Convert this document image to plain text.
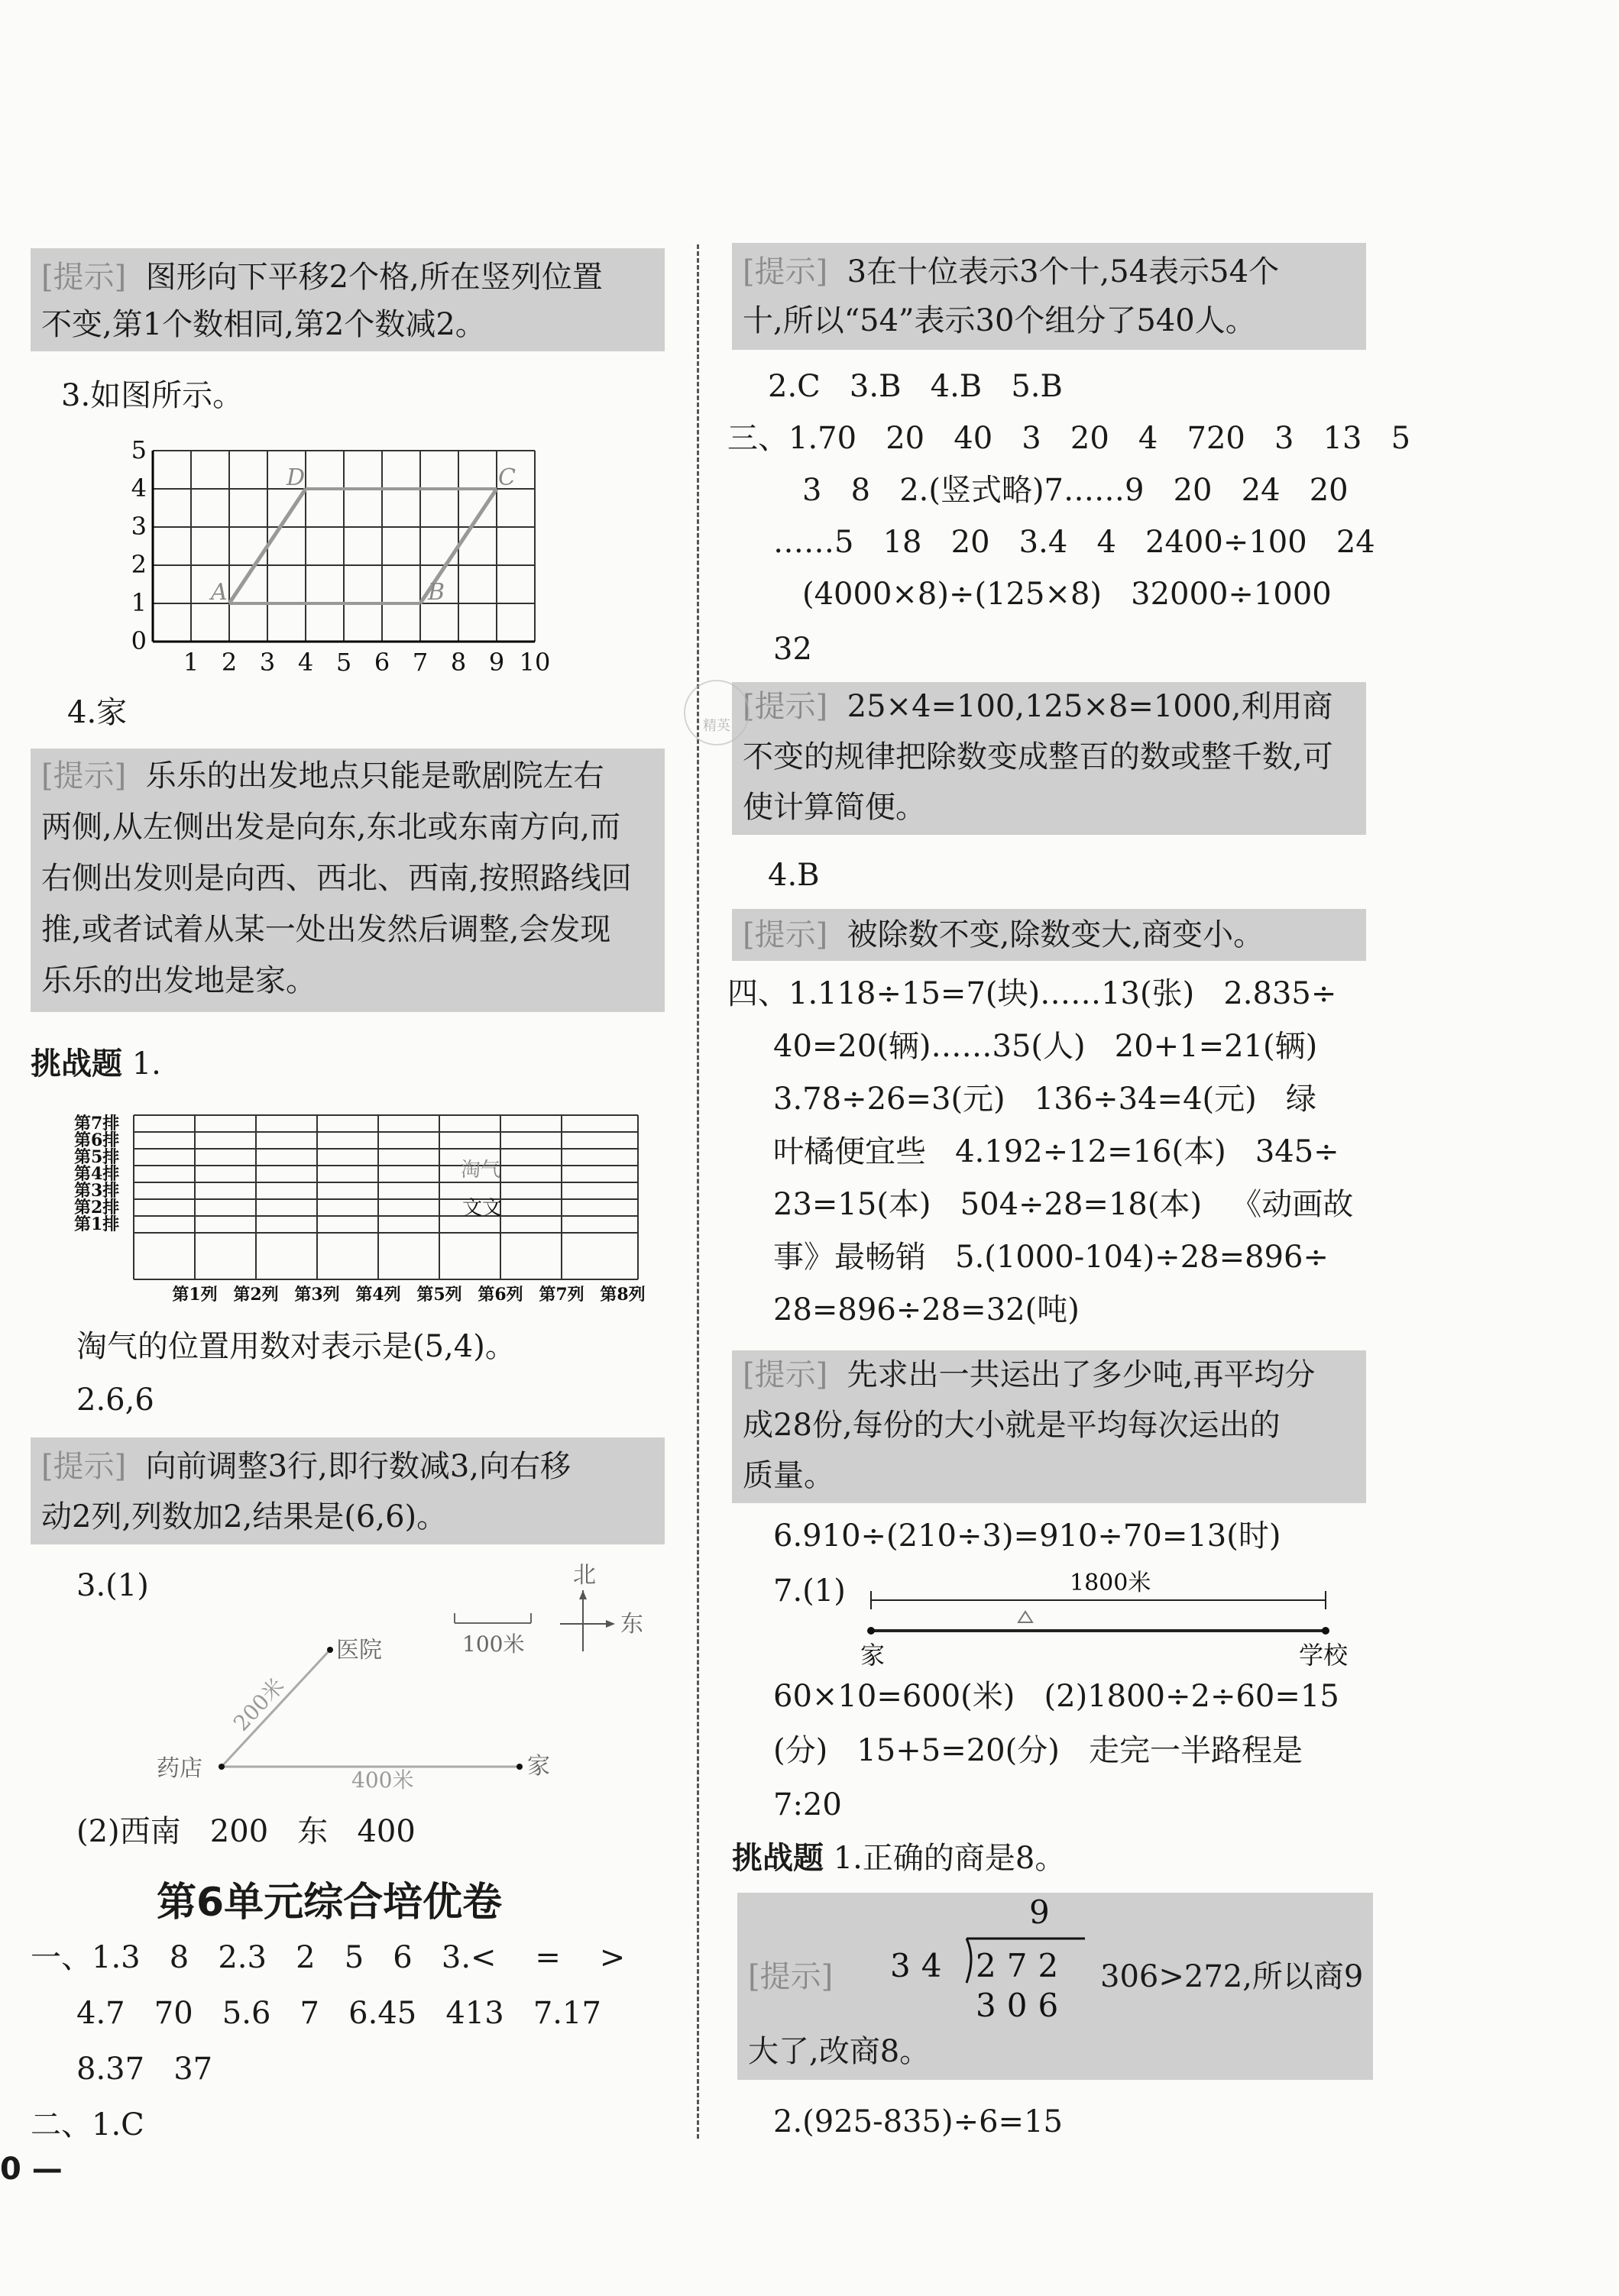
[提示] 图形向下平移2个格,所在竖列位置
不变,第1个数相同,第2个数减2。
3.如图所示。
0
1
2
3
4
5
1 2 3 4 5 6 7 8 9 10
A
D
B
C
4.家
[提示] 乐乐的出发地点只能是歌剧院左右
两侧,从左侧出发是向东,东北或东南方向,而
右侧出发则是向西、西北、西南,按照路线回
推,或者试着从某一处出发然后调整,会发现
乐乐的出发地是家。
挑战题 1.
第7排
第6排
第5排
第4排
第3排
第2排
第1排
第1列 第2列 第3列 第4列 第5列 第6列 第7列 第8列
淘气
文文
淘气的位置用数对表示是(5,4)。
2.6,6
[提示] 向前调整3行,即行数减3,向右移
动2列,列数加2,结果是(6,6)。
3.(1)
医院
药店	家
200米
400米
100米
北
东
(2)西南   200   东   400
第6单元综合培优卷
一、1.3   8   2.3   2   5   6   3.<    =    >
4.7   70   5.6   7   6.45   413   7.17
8.37   37
二、1.C
0 —
[提示] 3在十位表示3个十,54表示54个
十,所以“54”表示30个组分了540人。
2.C   3.B   4.B   5.B
三、1.70   20   40   3   20   4   720   3   13   5
3   8   2.(竖式略)7……9   20   24   20
……5   18   20   3.4   4   2400÷100   24
(4000×8)÷(125×8)   32000÷1000
32
[提示] 25×4=100,125×8=1000,利用商
不变的规律把除数变成整百的数或整千数,可
使计算简便。
精英
4.B
[提示] 被除数不变,除数变大,商变小。
四、1.118÷15=7(块)……13(张)   2.835÷
40=20(辆)……35(人)   20+1=21(辆)
3.78÷26=3(元)   136÷34=4(元)   绿
叶橘便宜些   4.192÷12=16(本)   345÷
23=15(本)   504÷28=18(本)   《动画故
事》最畅销   5.(1000-104)÷28=896÷
28=896÷28=32(吨)
[提示] 先求出一共运出了多少吨,再平均分
成28份,每份的大小就是平均每次运出的
质量。
6.910÷(210÷3)=910÷70=13(时)
7.(1)	1800米
家	学校
60×10=600(米)   (2)1800÷2÷60=15
(分)   15+5=20(分)   走完一半路程是
7:20
挑战题 1.正确的商是8。
[提示]
9
34 272
306
306>272,所以商9
大了,改商8。
2.(925-835)÷6=15
